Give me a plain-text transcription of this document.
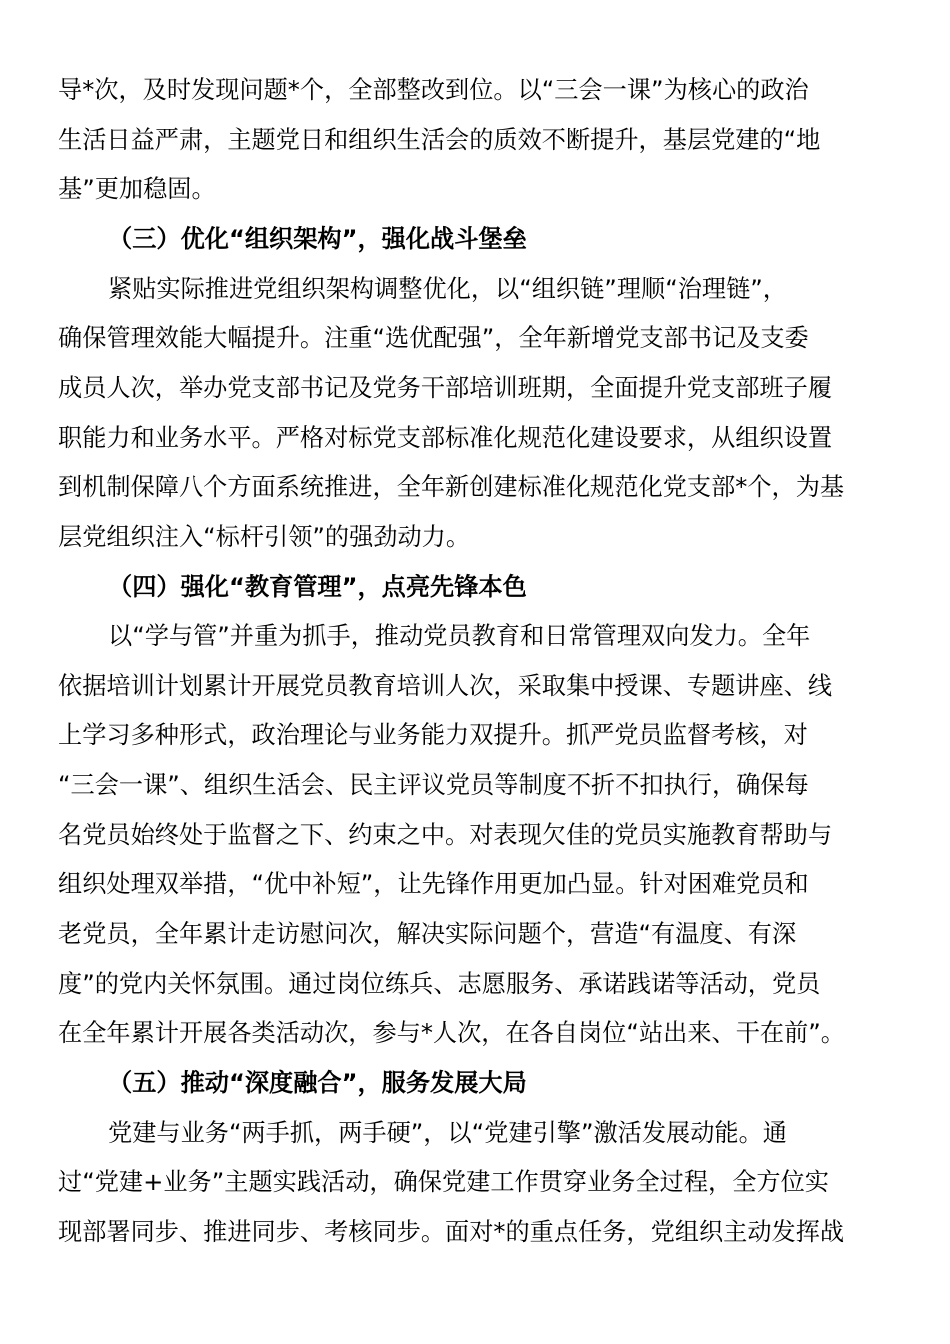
导*次，及时发现问题*个，全部整改到位。以“三会一课”为核心的政治
生活日益严肃，主题党日和组织生活会的质效不断提升，基层党建的“地
基”更加稳固。
（三）优化“组织架构”，强化战斗堡垒
紧贴实际推进党组织架构调整优化，以“组织链”理顺“治理链”，
确保管理效能大幅提升。注重“选优配强”，全年新增党支部书记及支委
成员人次，举办党支部书记及党务干部培训班期，全面提升党支部班子履
职能力和业务水平。严格对标党支部标准化规范化建设要求，从组织设置
到机制保障八个方面系统推进，全年新创建标准化规范化党支部*个，为基
层党组织注入“标杆引领”的强劲动力。
（四）强化“教育管理”，点亮先锋本色
以“学与管”并重为抓手，推动党员教育和日常管理双向发力。全年
依据培训计划累计开展党员教育培训人次，采取集中授课、专题讲座、线
上学习多种形式，政治理论与业务能力双提升。抓严党员监督考核，对
“三会一课”、组织生活会、民主评议党员等制度不折不扣执行，确保每
名党员始终处于监督之下、约束之中。对表现欠佳的党员实施教育帮助与
组织处理双举措，“优中补短”，让先锋作用更加凸显。针对困难党员和
老党员，全年累计走访慰问次，解决实际问题个，营造“有温度、有深
度”的党内关怀氛围。通过岗位练兵、志愿服务、承诺践诺等活动，党员
在全年累计开展各类活动次，参与*人次，在各自岗位“站出来、干在前”。
（五）推动“深度融合”，服务发展大局
党建与业务“两手抓，两手硬”，以“党建引擎”激活发展动能。通
过“党建+业务”主题实践活动，确保党建工作贯穿业务全过程，全方位实
现部署同步、推进同步、考核同步。面对*的重点任务，党组织主动发挥战
